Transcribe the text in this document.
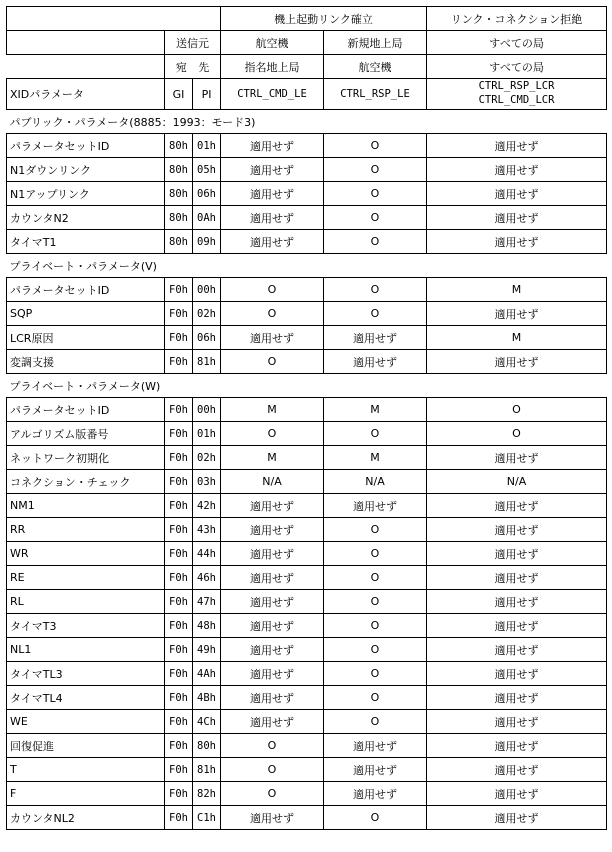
			機上起動リンク確立		リンク・コネクション拒絶
	送信元		航空機	新規地上局	すべての局
	宛 先		指名地上局	航空機	すべての局
XIDパラメータ	GI	PI	CTRL_CMD_LE	CTRL_RSP_LE	CTRL_RSP_LCR
CTRL_CMD_LCR

パブリック・パラメータ(8885：1993：モード3)					
パラメータセットID	80h	01h	適用せず	O	適用せず
N1ダウンリンク	80h	05h	適用せず	O	適用せず
N1アップリンク	80h	06h	適用せず	O	適用せず
カウンタN2	80h	0Ah	適用せず	O	適用せず
タイマT1	80h	09h	適用せず	O	適用せず
プライベート・パラメータ(V)					
パラメータセットID	F0h	00h	O	O	M
SQP	F0h	02h	O	O	適用せず
LCR原因	F0h	06h	適用せず	適用せず	M
変調支援	F0h	81h	O	適用せず	適用せず
プライベート・パラメータ(W)					
パラメータセットID	F0h	00h	M	M	O
アルゴリズム版番号	F0h	01h	O	O	O
ネットワーク初期化	F0h	02h	M	M	適用せず
コネクション・チェック	F0h	03h	N/A	N/A	N/A
NM1	F0h	42h	適用せず	適用せず	適用せず
RR	F0h	43h	適用せず	O	適用せず
WR	F0h	44h	適用せず	O	適用せず
RE	F0h	46h	適用せず	O	適用せず
RL	F0h	47h	適用せず	O	適用せず
タイマT3	F0h	48h	適用せず	O	適用せず
NL1	F0h	49h	適用せず	O	適用せず
タイマTL3	F0h	4Ah	適用せず	O	適用せず
タイマTL4	F0h	4Bh	適用せず	O	適用せず
WE	F0h	4Ch	適用せず	O	適用せず
回復促進	F0h	80h	O	適用せず	適用せず
T	F0h	81h	O	適用せず	適用せず
F	F0h	82h	O	適用せず	適用せず
カウンタNL2	F0h	C1h	適用せず	O	適用せず
